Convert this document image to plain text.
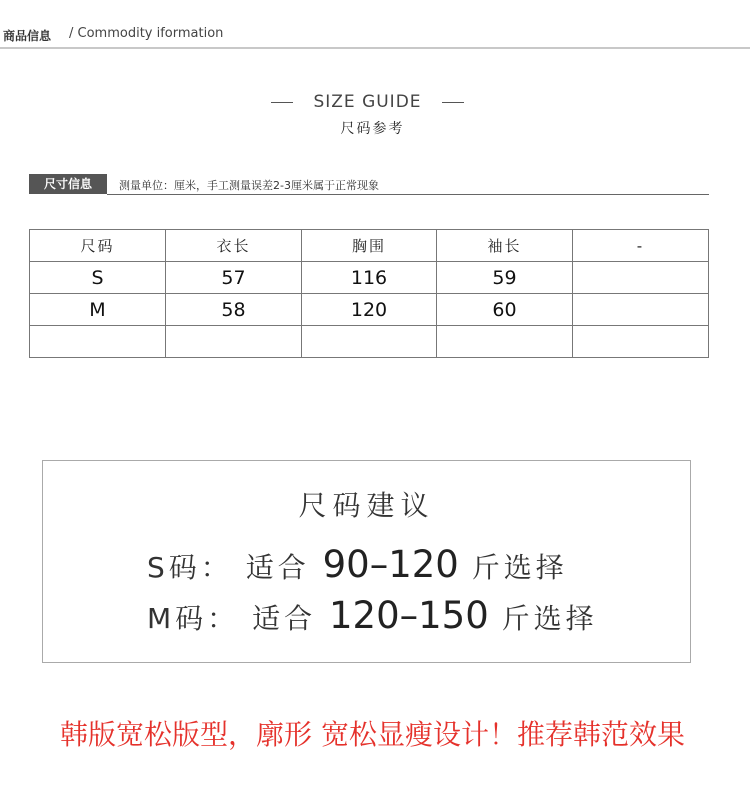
商品信息 / Commodity iformation
SIZE GUIDE
尺码参考
尺寸信息	测量单位：厘米，手工测量误差2-3厘米属于正常现象
尺码	衣长	胸围	袖长	-
S	57	116	59	
M	58	120	60	

尺码建议
S码： 适合 90–120 斤选择
M码： 适合 120–150 斤选择
韩版宽松版型，廓形 宽松显瘦设计！推荐韩范效果
